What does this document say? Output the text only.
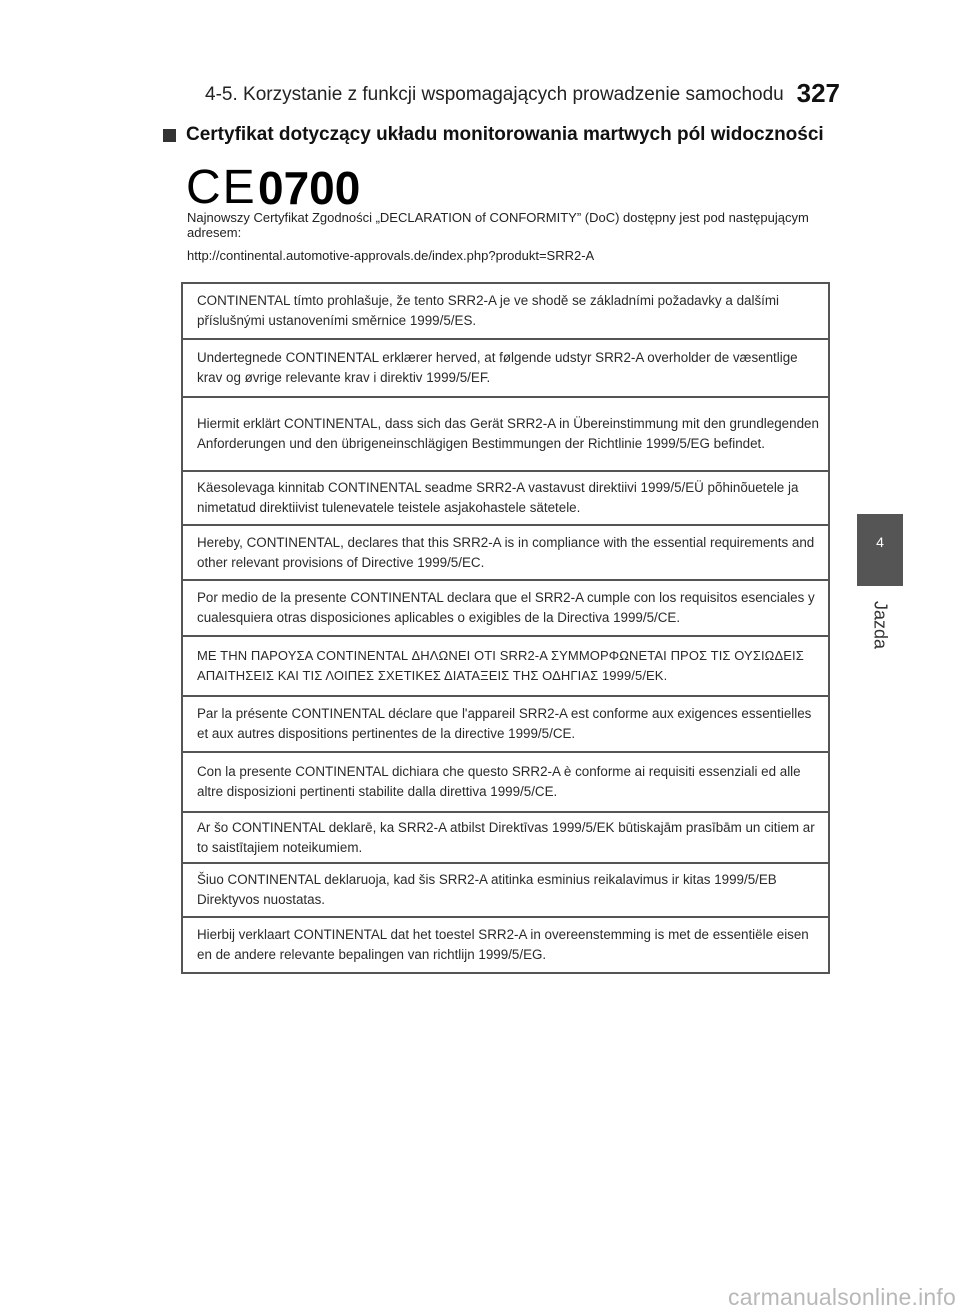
4-5. Korzystanie z funkcji wspomagających prowadzenie samochodu 327
Certyfikat dotyczący układu monitorowania martwych pól widoczności
CE 0700
Najnowszy Certyfikat Zgodności „DECLARATION of CONFORMITY” (DoC) dostępny jest pod następującym adresem:
http://continental.automotive-approvals.de/index.php?produkt=SRR2-A
CONTINENTAL tímto prohlašuje, že tento SRR2-A je ve shodě se základními požadavky a dalšími příslušnými ustanoveními směrnice 1999/5/ES.
Undertegnede CONTINENTAL erklærer herved, at følgende udstyr SRR2-A overholder de væsentlige krav og øvrige relevante krav i direktiv 1999/5/EF.
Hiermit erklärt CONTINENTAL, dass sich das Gerät SRR2-A in Übereinstimmung mit den grundlegenden Anforderungen und den übrigeneinschlägigen Bestimmungen der Richtlinie 1999/5/EG befindet.
Käesolevaga kinnitab CONTINENTAL seadme SRR2-A vastavust direktiivi 1999/5/EÜ põhinõuetele ja nimetatud direktiivist tulenevatele teistele asjakohastele sätetele.
Hereby, CONTINENTAL, declares that this SRR2-A is in compliance with the essential requirements and other relevant provisions of Directive 1999/5/EC.
Por medio de la presente CONTINENTAL declara que el SRR2-A cumple con los requisitos esenciales y cualesquiera otras disposiciones aplicables o exigibles de la Directiva 1999/5/CE.
ΜΕ ΤΗΝ ΠΑΡΟΥΣΑ CONTINENTAL ΔΗΛΩΝΕΙ ΟΤΙ SRR2-A ΣΥΜΜΟΡΦΩΝΕΤΑΙ ΠΡΟΣ ΤΙΣ ΟΥΣΙΩΔΕΙΣ ΑΠΑΙΤΗΣΕΙΣ ΚΑΙ ΤΙΣ ΛΟΙΠΕΣ ΣΧΕΤΙΚΕΣ ΔΙΑΤΑΞΕΙΣ ΤΗΣ ΟΔΗΓΙΑΣ 1999/5/ΕΚ.
Par la présente CONTINENTAL déclare que l'appareil SRR2-A est conforme aux exigences essentielles et aux autres dispositions pertinentes de la directive 1999/5/CE.
Con la presente CONTINENTAL dichiara che questo SRR2-A è conforme ai requisiti essenziali ed alle altre disposizioni pertinenti stabilite dalla direttiva 1999/5/CE.
Ar šo CONTINENTAL deklarē, ka SRR2-A atbilst Direktīvas 1999/5/EK būtiskajām prasībām un citiem ar to saistītajiem noteikumiem.
Šiuo CONTINENTAL deklaruoja, kad šis SRR2-A atitinka esminius reikalavimus ir kitas 1999/5/EB Direktyvos nuostatas.
Hierbij verklaart CONTINENTAL dat het toestel SRR2-A in overeenstemming is met de essentiële eisen en de andere relevante bepalingen van richtlijn 1999/5/EG.
4
Jazda
carmanualsonline.info
